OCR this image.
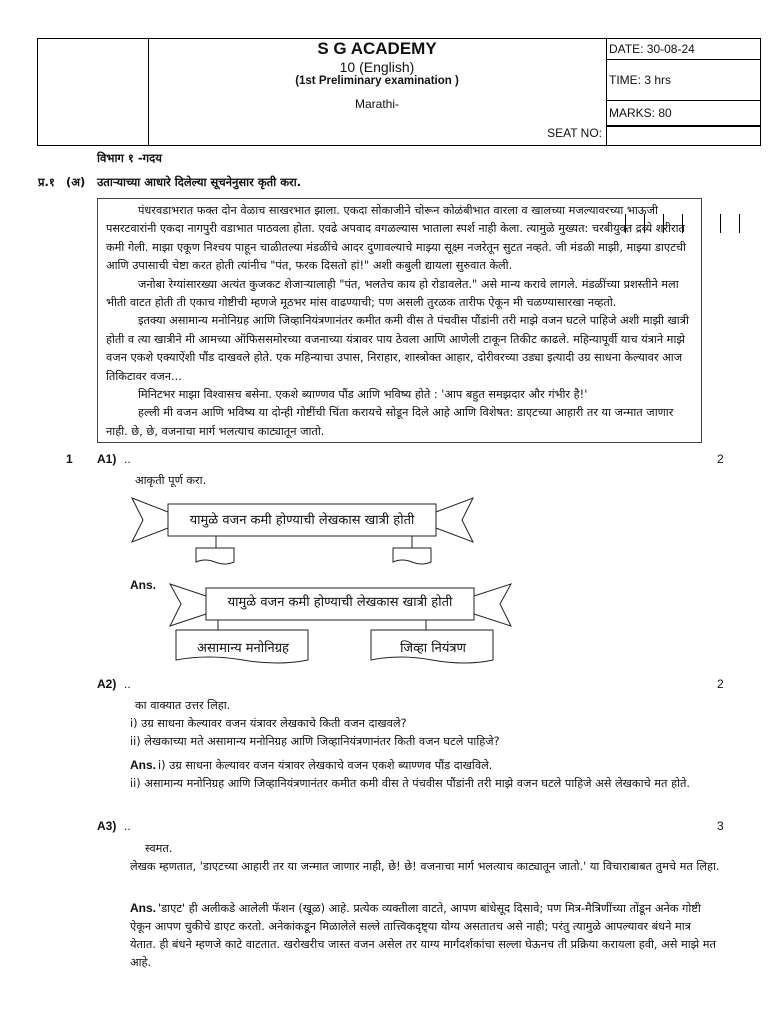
S G ACADEMY
10 (English)
(1st Preliminary examination )
Marathi-
SEAT NO:
DATE: 30-08-24
TIME: 3 hrs
MARKS: 80
विभाग १ -गदय
प्र.१ (अ) उताऱ्याच्या आधारे दिलेल्या सूचनेनुसार कृती करा.

पंधरवडाभरात फक्त दोन वेळाच साखरभात झाला. एकदा सोकाजीने चोरून कोळंबीभात वारला व खालच्या मजल्यावरच्या भाऊजी पसरटवारांनी एकदा नागपुरी वडाभात पाठवला होता. एवढे अपवाद वगळल्यास भाताला स्पर्श नाही केला. त्यामुळे मुख्यत: चरबीयुक्त द्रव्ये शरीरात कमी गेली. माझा एकूण निश्चय पाहून चाळीतल्या मंडळींचे आदर दुणावल्याचे माझ्या सूक्ष्म नजरेतून सुटत नव्हते. जी मंडळी माझी, माझ्या डाएटची आणि उपासाची चेष्टा करत होती त्यांनीच "पंत, फरक दिसतो हां!" अशी कबुली द्यायला सुरुवात केली.

जनोबा रेग्यांसारख्या अत्यंत कुजकट शेजाऱ्यालाही "पंत, भलतेच काय हो रोडावलेत." असे मान्य करावे लागले. मंडळींच्या प्रशस्तीने मला भीती वाटत होती ती एकाच गोष्टीची म्हणजे मूठभर मांस वाढण्याची; पण असली तुरळक तारीफ ऐकून मी चळण्यासारखा नव्हतो.

इतक्या असामान्य मनोनिग्रह आणि जिव्हानियंत्रणानंतर कमीत कमी वीस ते पंचवीस पौंडांनी तरी माझे वजन घटले पाहिजे अशी माझी खात्री होती व त्या खात्रीने मी आमच्या ऑफिससमोरच्या वजनाच्या यंत्रावर पाय ठेवला आणि आणेली टाकून तिकीट काढले. महिन्यापूर्वी याच यंत्राने माझे वजन एकशे एक्याऐंशी पौंड दाखवले होते. एक महिन्याचा उपास, निराहार, शास्त्रोक्त आहार, दोरीवरच्या उड्या इत्यादी उग्र साधना केल्यावर आज तिकिटावर वजन...

मिनिटभर माझा विश्वासच बसेना. एकशे ब्याण्णव पौंड आणि भविष्य होते : 'आप बहुत समझदार और गंभीर है!'

हल्ली मी वजन आणि भविष्य या दोन्ही गोष्टींची चिंता करायचे सोडून दिले आहे आणि विशेषत: डाएटच्या आहारी तर या जन्मात जाणार नाही. छे, छे, वजनाचा मार्ग भलत्याच काट्यातून जातो.

1 A1) ..	2
आकृती पूर्ण करा.
यामुळे वजन कमी होण्याची लेखकास खात्री होती
Ans.
यामुळे वजन कमी होण्याची लेखकास खात्री होती
असामान्य मनोनिग्रह	जिव्हा नियंत्रण
A2) ..	2
का वाक्यात उत्तर लिहा.
i) उग्र साधना केल्यावर वजन यंत्रावर लेखकाचे किती वजन दाखवले?
ii) लेखकाच्या मते असामान्य मनोनिग्रह आणि जिव्हानियंत्रणानंतर किती वजन घटले पाहिजे?
Ans. i) उग्र साधना केल्यावर वजन यंत्रावर लेखकाचे वजन एकशे ब्याण्णव पौंड दाखविले.
ii) असामान्य मनोनिग्रह आणि जिव्हानियंत्रणानंतर कमीत कमी वीस ते पंचवीस पौंडांनी तरी माझे वजन घटले पाहिजे असे लेखकाचे मत होते.
A3) ..	3
स्वमत.
लेखक म्हणतात, 'डाएटच्या आहारी तर या जन्मात जाणार नाही, छे! छे! वजनाचा मार्ग भलत्याच काट्यातून जातो.' या विचाराबाबत तुमचे मत लिहा.
'डाएट' ही अलीकडे आलेली फॅशन (खूळ) आहे. प्रत्येक व्यक्तीला वाटते, आपण बांधेसूद दिसावे; पण मित्र-मैत्रिणींच्या तोंडून अनेक गोष्टी ऐकून आपण चुकीचे डाएट करतो. अनेकांकडून मिळालेले सल्ले तात्त्विकदृष्ट्या योग्य असतातच असे नाही; परंतु त्यामुळे आपल्यावर बंधने मात्र येतात. ही बंधने म्हणजे काटे वाटतात. खरोखरीच जास्त वजन असेल तर याग्य मार्गदर्शकांचा सल्ला घेऊनच ती प्रक्रिया करायला हवी, असे माझे मत आहे.
Ans.
